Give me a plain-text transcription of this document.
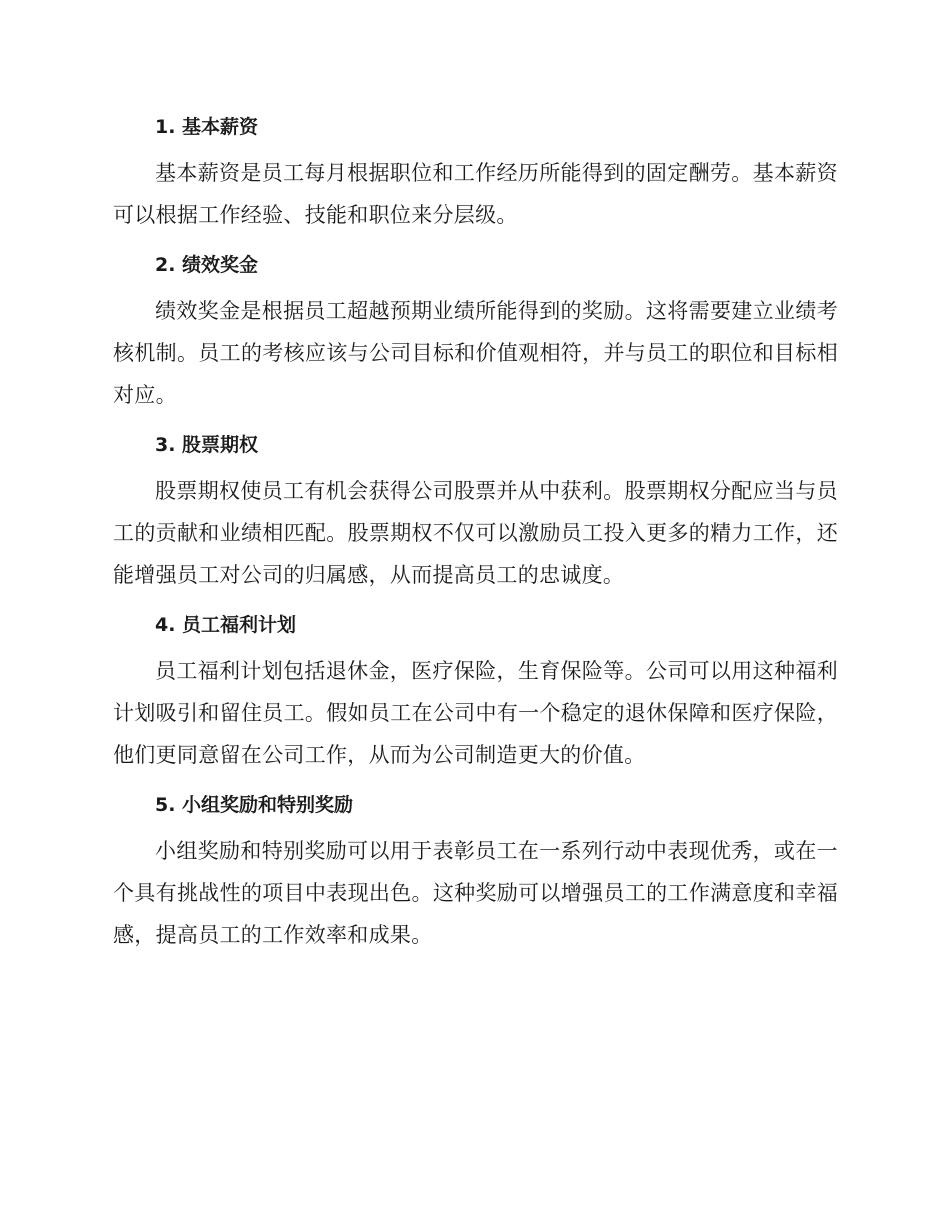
1. 基本薪资

基本薪资是员工每月根据职位和工作经历所能得到的固定酬劳。基本薪资可以根据工作经验、技能和职位来分层级。

2. 绩效奖金

绩效奖金是根据员工超越预期业绩所能得到的奖励。这将需要建立业绩考核机制。员工的考核应该与公司目标和价值观相符，并与员工的职位和目标相对应。

3. 股票期权

股票期权使员工有机会获得公司股票并从中获利。股票期权分配应当与员工的贡献和业绩相匹配。股票期权不仅可以激励员工投入更多的精力工作，还能增强员工对公司的归属感，从而提高员工的忠诚度。

4. 员工福利计划

员工福利计划包括退休金，医疗保险，生育保险等。公司可以用这种福利计划吸引和留住员工。假如员工在公司中有一个稳定的退休保障和医疗保险，他们更同意留在公司工作，从而为公司制造更大的价值。

5. 小组奖励和特别奖励

小组奖励和特别奖励可以用于表彰员工在一系列行动中表现优秀，或在一个具有挑战性的项目中表现出色。这种奖励可以增强员工的工作满意度和幸福感，提高员工的工作效率和成果。
